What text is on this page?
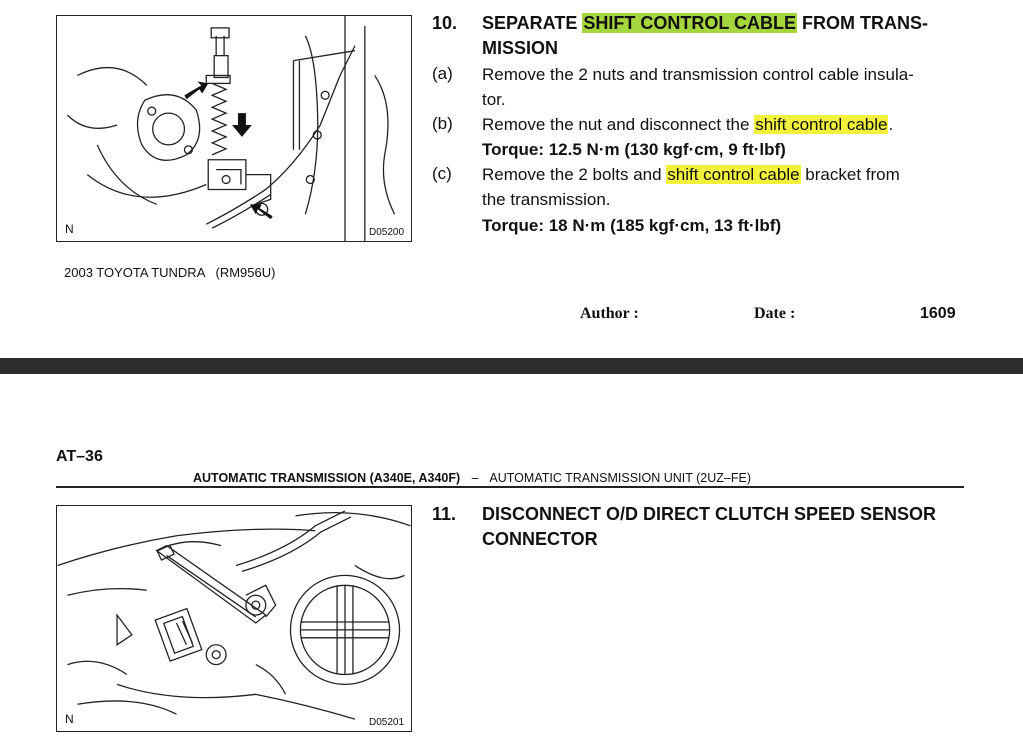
N	D05200
10. SEPARATE SHIFT CONTROL CABLE FROM TRANS-
MISSION
(a) Remove the 2 nuts and transmission control cable insula-
tor.
(b) Remove the nut and disconnect the shift control cable.
Torque: 12.5 N·m (130 kgf·cm, 9 ft·lbf)
(c) Remove the 2 bolts and shift control cable bracket from
the transmission.
Torque: 18 N·m (185 kgf·cm, 13 ft·lbf)
2003 TOYOTA TUNDRA   (RM956U)
Author :	Date :	1609
AT–36
AUTOMATIC TRANSMISSION (A340E, A340F) – AUTOMATIC TRANSMISSION UNIT (2UZ–FE)
N	D05201
11. DISCONNECT O/D DIRECT CLUTCH SPEED SENSOR
CONNECTOR
